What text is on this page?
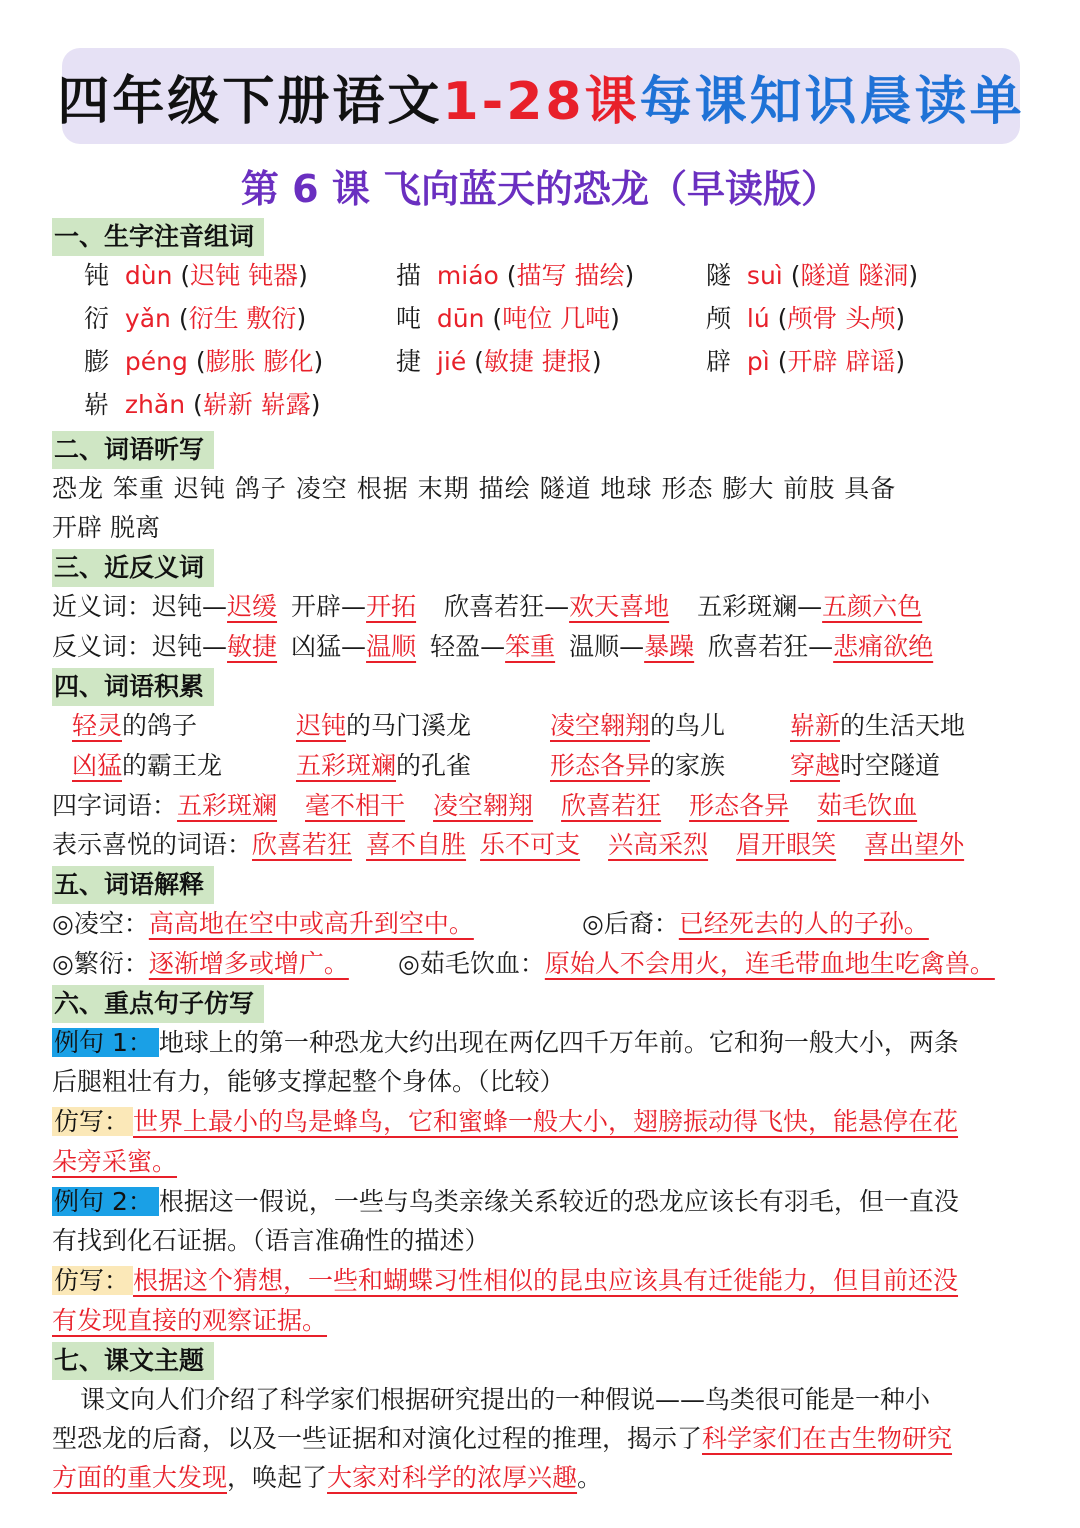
四年级下册语文 1-28课 每课知识晨读单
第 6 课 飞向蓝天的恐龙（早读版）
一、生字注音组词
钝 dùn (迟钝 钝器)	描 miáo (描写 描绘)	隧 suì (隧道 隧洞)
衍 yǎn (衍生 敷衍)	吨 dūn (吨位 几吨)	颅 lú (颅骨 头颅)
膨 péng (膨胀 膨化)	捷 jié (敏捷 捷报)	辟 pì (开辟 辟谣)
崭 zhǎn (崭新 崭露)
二、词语听写
恐龙 笨重 迟钝 鸽子 凌空 根据 末期 描绘 隧道 地球 形态 膨大 前肢 具备
开辟 脱离
三、近反义词
近义词：迟钝—迟缓 开辟—开拓 欣喜若狂—欢天喜地 五彩斑斓—五颜六色
反义词：迟钝—敏捷 凶猛—温顺 轻盈—笨重 温顺—暴躁 欣喜若狂—悲痛欲绝
四、词语积累
轻灵的鸽子	迟钝的马门溪龙	凌空翱翔的鸟儿	崭新的生活天地
凶猛的霸王龙	五彩斑斓的孔雀	形态各异的家族	穿越时空隧道
四字词语：五彩斑斓 毫不相干 凌空翱翔 欣喜若狂 形态各异 茹毛饮血
表示喜悦的词语：欣喜若狂 喜不自胜 乐不可支 兴高采烈 眉开眼笑 喜出望外
五、词语解释
◎凌空：高高地在空中或高升到空中。	◎后裔：已经死去的人的子孙。
◎繁衍：逐渐增多或增广。 ◎茹毛饮血：原始人不会用火，连毛带血地生吃禽兽。
六、重点句子仿写
例句 1： 地球上的第一种恐龙大约出现在两亿四千万年前。它和狗一般大小，两条
后腿粗壮有力，能够支撑起整个身体。（比较）
仿写： 世界上最小的鸟是蜂鸟，它和蜜蜂一般大小，翅膀振动得飞快，能悬停在花
朵旁采蜜。
例句 2： 根据这一假说，一些与鸟类亲缘关系较近的恐龙应该长有羽毛，但一直没
有找到化石证据。（语言准确性的描述）
仿写： 根据这个猜想，一些和蝴蝶习性相似的昆虫应该具有迁徙能力，但目前还没
有发现直接的观察证据。
七、课文主题
课文向人们介绍了科学家们根据研究提出的一种假说——鸟类很可能是一种小
型恐龙的后裔，以及一些证据和对演化过程的推理，揭示了科学家们在古生物研究
方面的重大发现，唤起了大家对科学的浓厚兴趣。
